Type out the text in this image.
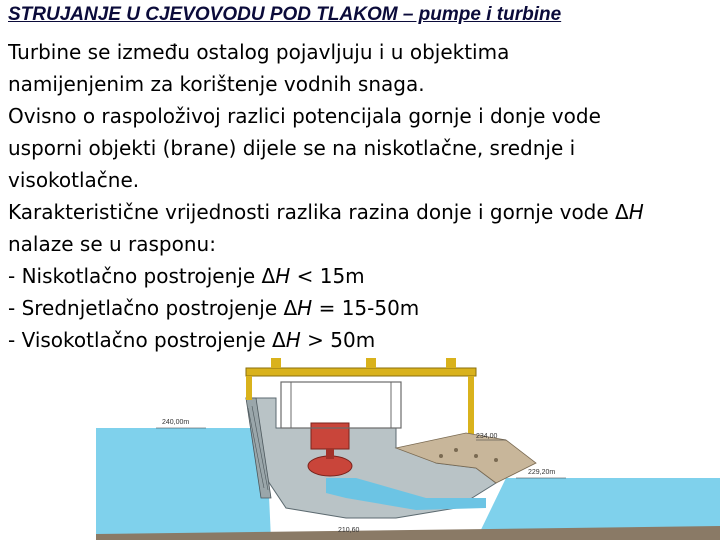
STRUJANJE U CJEVOVODU POD TLAKOM – pumpe i turbine
Turbine se između ostalog pojavljuju i u objektima
namijenjenim za korištenje vodnih snaga.
Ovisno o raspoloživoj razlici potencijala gornje i donje vode
usporni objekti (brane) dijele se na niskotlačne, srednje i
visokotlačne.
Karakteristične vrijednosti razlika razina donje i gornje vode ΔH
nalaze se u rasponu:
- Niskotlačno postrojenje ΔH < 15m
- Srednjetlačno postrojenje ΔH = 15-50m
- Visokotlačno postrojenje ΔH > 50m
240,00m
234,00
229,20m
210,60
